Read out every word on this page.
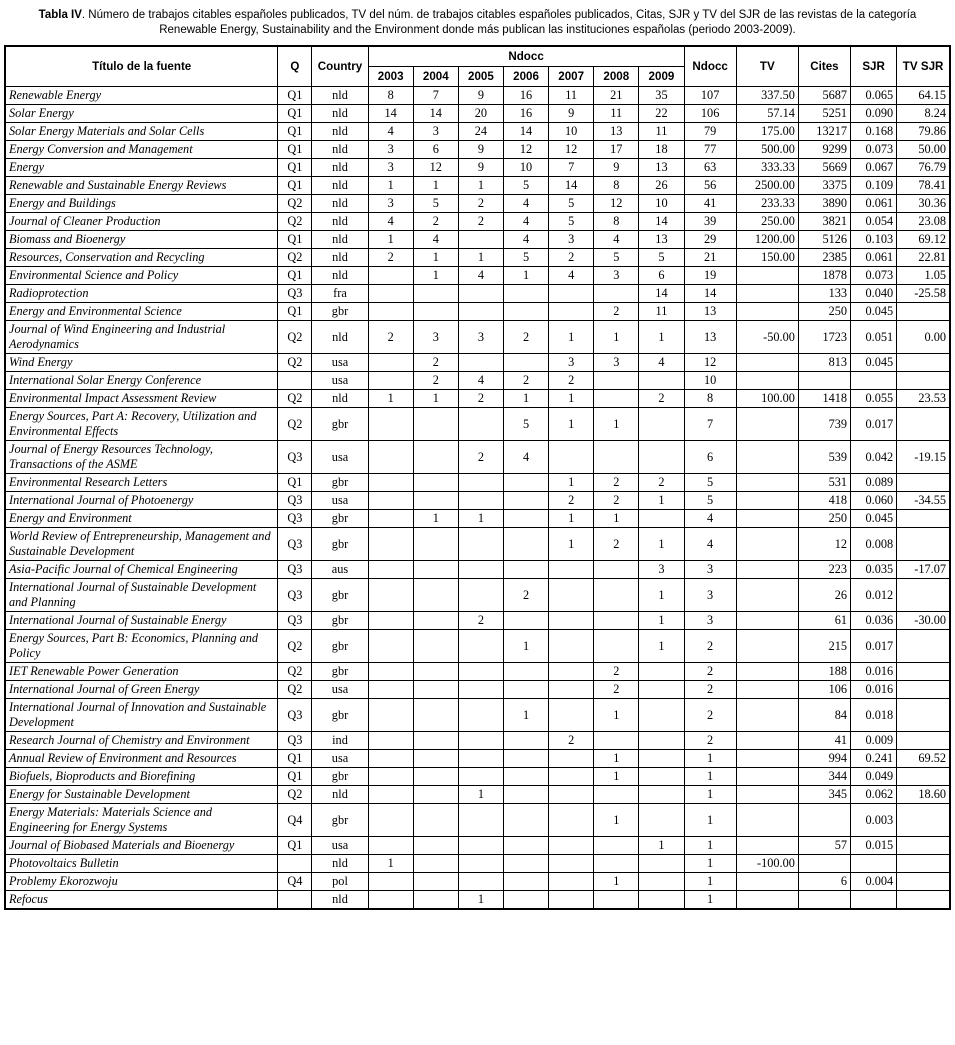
Tabla IV. Número de trabajos citables españoles publicados, TV del núm. de trabajos citables españoles publicados, Citas, SJR y TV del SJR de las revistas de la categoría Renewable Energy, Sustainability and the Environment donde más publican las instituciones españolas (periodo 2003-2009).
Título de la fuente	Q	Country	Ndocc							Ndocc	TV	Cites	SJR	TV SJR
			2003	2004	2005	2006	2007	2008	2009					
Renewable Energy	Q1	nld	8	7	9	16	11	21	35	107	337.50	5687	0.065	64.15
Solar Energy	Q1	nld	14	14	20	16	9	11	22	106	57.14	5251	0.090	8.24
Solar Energy Materials and Solar Cells	Q1	nld	4	3	24	14	10	13	11	79	175.00	13217	0.168	79.86
Energy Conversion and Management	Q1	nld	3	6	9	12	12	17	18	77	500.00	9299	0.073	50.00
Energy	Q1	nld	3	12	9	10	7	9	13	63	333.33	5669	0.067	76.79
Renewable and Sustainable Energy Reviews	Q1	nld	1	1	1	5	14	8	26	56	2500.00	3375	0.109	78.41
Energy and Buildings	Q2	nld	3	5	2	4	5	12	10	41	233.33	3890	0.061	30.36
Journal of Cleaner Production	Q2	nld	4	2	2	4	5	8	14	39	250.00	3821	0.054	23.08
Biomass and Bioenergy	Q1	nld	1	4		4	3	4	13	29	1200.00	5126	0.103	69.12
Resources, Conservation and Recycling	Q2	nld	2	1	1	5	2	5	5	21	150.00	2385	0.061	22.81
Environmental Science and Policy	Q1	nld		1	4	1	4	3	6	19		1878	0.073	1.05
Radioprotection	Q3	fra							14	14		133	0.040	-25.58
Energy and Environmental Science	Q1	gbr						2	11	13		250	0.045	
Journal of Wind Engineering and Industrial Aerodynamics	Q2	nld	2	3	3	2	1	1	1	13	-50.00	1723	0.051	0.00
Wind Energy	Q2	usa		2			3	3	4	12		813	0.045	
International Solar Energy Conference		usa		2	4	2	2			10				
Environmental Impact Assessment Review	Q2	nld	1	1	2	1	1		2	8	100.00	1418	0.055	23.53
Energy Sources, Part A: Recovery, Utilization and Environmental Effects	Q2	gbr				5	1	1		7		739	0.017	
Journal of Energy Resources Technology, Transactions of the ASME	Q3	usa			2	4				6		539	0.042	-19.15
Environmental Research Letters	Q1	gbr					1	2	2	5		531	0.089	
International Journal of Photoenergy	Q3	usa					2	2	1	5		418	0.060	-34.55
Energy and Environment	Q3	gbr		1	1		1	1		4		250	0.045	
World Review of Entrepreneurship, Management and Sustainable Development	Q3	gbr					1	2	1	4		12	0.008	
Asia-Pacific Journal of Chemical Engineering	Q3	aus							3	3		223	0.035	-17.07
International Journal of Sustainable Development and Planning	Q3	gbr				2			1	3		26	0.012	
International Journal of Sustainable Energy	Q3	gbr			2				1	3		61	0.036	-30.00
Energy Sources, Part B: Economics, Planning and Policy	Q2	gbr				1			1	2		215	0.017	
IET Renewable Power Generation	Q2	gbr						2		2		188	0.016	
International Journal of Green Energy	Q2	usa						2		2		106	0.016	
International Journal of Innovation and Sustainable Development	Q3	gbr				1		1		2		84	0.018	
Research Journal of Chemistry and Environment	Q3	ind					2			2		41	0.009	
Annual Review of Environment and Resources	Q1	usa						1		1		994	0.241	69.52
Biofuels, Bioproducts and Biorefining	Q1	gbr						1		1		344	0.049	
Energy for Sustainable Development	Q2	nld			1					1		345	0.062	18.60
Energy Materials: Materials Science and Engineering for Energy Systems	Q4	gbr						1		1			0.003	
Journal of Biobased Materials and Bioenergy	Q1	usa							1	1		57	0.015	
Photovoltaics Bulletin		nld	1							1	-100.00			
Problemy Ekorozwoju	Q4	pol						1		1		6	0.004	
Refocus		nld			1					1				
